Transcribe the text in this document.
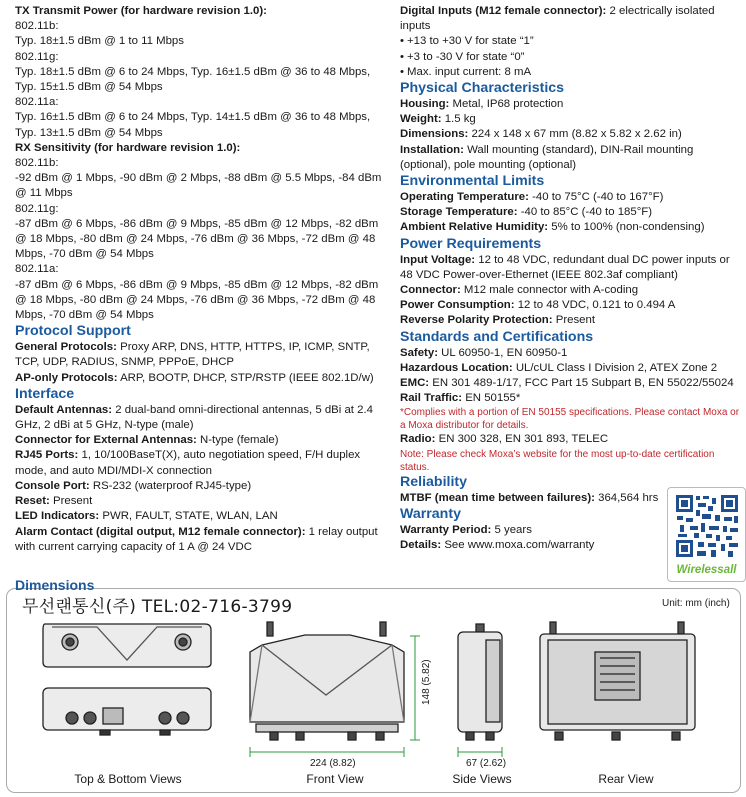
TX Transmit Power (for hardware revision 1.0):

802.11b:

Typ. 18±1.5 dBm @ 1 to 11 Mbps

802.11g:

Typ. 18±1.5 dBm @ 6 to 24 Mbps, Typ. 16±1.5 dBm @ 36 to 48 Mbps, Typ. 15±1.5 dBm @ 54 Mbps

802.11a:

Typ. 16±1.5 dBm @ 6 to 24 Mbps, Typ. 14±1.5 dBm @ 36 to 48 Mbps, Typ. 13±1.5 dBm @ 54 Mbps

RX Sensitivity (for hardware revision 1.0):

802.11b:

-92 dBm @ 1 Mbps, -90 dBm @ 2 Mbps, -88 dBm @ 5.5 Mbps, -84 dBm @ 11 Mbps

802.11g:

-87 dBm @ 6 Mbps, -86 dBm @ 9 Mbps, -85 dBm @ 12 Mbps, -82 dBm @ 18 Mbps, -80 dBm @ 24 Mbps, -76 dBm @ 36 Mbps, -72 dBm @ 48 Mbps, -70 dBm @ 54 Mbps

802.11a:

-87 dBm @ 6 Mbps, -86 dBm @ 9 Mbps, -85 dBm @ 12 Mbps, -82 dBm @ 18 Mbps, -80 dBm @ 24 Mbps, -76 dBm @ 36 Mbps, -72 dBm @ 48 Mbps, -70 dBm @ 54 Mbps

Protocol Support

General Protocols: Proxy ARP, DNS, HTTP, HTTPS, IP, ICMP, SNTP, TCP, UDP, RADIUS, SNMP, PPPoE, DHCP

AP-only Protocols: ARP, BOOTP, DHCP, STP/RSTP (IEEE 802.1D/w)

Interface

Default Antennas: 2 dual-band omni-directional antennas, 5 dBi at 2.4 GHz, 2 dBi at 5 GHz, N-type (male)

Connector for External Antennas: N-type (female)

RJ45 Ports: 1, 10/100BaseT(X), auto negotiation speed, F/H duplex mode, and auto MDI/MDI-X connection

Console Port: RS-232 (waterproof RJ45-type)

Reset: Present

LED Indicators: PWR, FAULT, STATE, WLAN, LAN

Alarm Contact (digital output, M12 female connector): 1 relay output with current carrying capacity of 1 A @ 24 VDC

Digital Inputs (M12 female connector): 2 electrically isolated inputs

• +13 to +30 V for state “1”

• +3 to -30 V for state “0”

• Max. input current: 8 mA

Physical Characteristics

Housing: Metal, IP68 protection

Weight: 1.5 kg

Dimensions: 224 x 148 x 67 mm (8.82 x 5.82 x 2.62 in)

Installation: Wall mounting (standard), DIN-Rail mounting (optional), pole mounting (optional)

Environmental Limits

Operating Temperature: -40 to 75°C (-40 to 167°F)

Storage Temperature: -40 to 85°C (-40 to 185°F)

Ambient Relative Humidity: 5% to 100% (non-condensing)

Power Requirements

Input Voltage: 12 to 48 VDC, redundant dual DC power inputs or 48 VDC Power-over-Ethernet (IEEE 802.3af compliant)

Connector: M12 male connector with A-coding

Power Consumption: 12 to 48 VDC, 0.121 to 0.494 A

Reverse Polarity Protection: Present

Standards and Certifications

Safety: UL 60950-1, EN 60950-1

Hazardous Location: UL/cUL Class I Division 2, ATEX Zone 2

EMC: EN 301 489-1/17, FCC Part 15 Subpart B, EN 55022/55024

Rail Traffic: EN 50155*

*Complies with a portion of EN 50155 specifications. Please contact Moxa or a Moxa distributor for details.

Radio: EN 300 328, EN 301 893, TELEC

Note: Please check Moxa’s website for the most up-to-date certification status.

Reliability

MTBF (mean time between failures): 364,564 hrs

Warranty

Warranty Period: 5 years

Details: See www.moxa.com/warranty

Wirelessall
Dimensions
무선랜통신(주) TEL:02-716-3799	Unit: mm (inch)
224 (8.82)
148 (5.82)
67 (2.62)
Top & Bottom Views	Front View	Side Views	Rear View
